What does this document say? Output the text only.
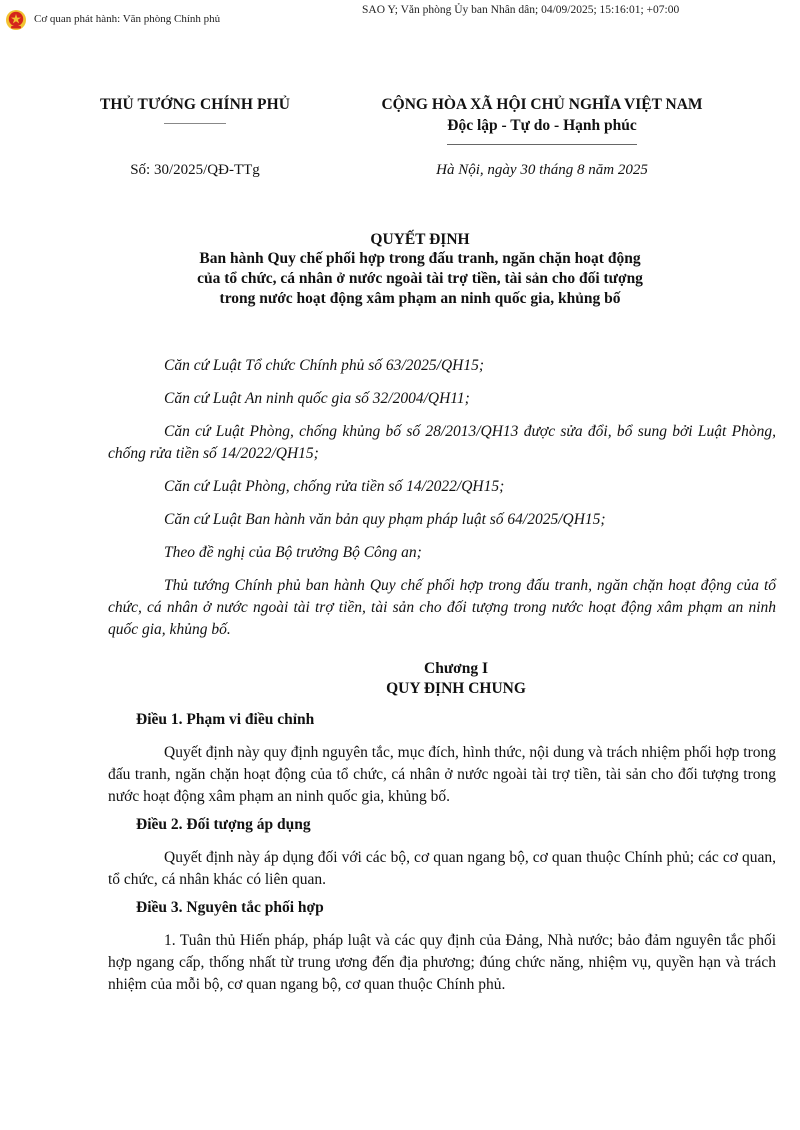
Cơ quan phát hành: Văn phòng Chính phủ
SAO Y; Văn phòng Ủy ban Nhân dân; 04/09/2025; 15:16:01; +07:00
THỦ TƯỚNG CHÍNH PHỦ	CỘNG HÒA XÃ HỘI CHỦ NGHĨA VIỆT NAM
Độc lập - Tự do - Hạnh phúc
Số: 30/2025/QĐ-TTg	Hà Nội, ngày 30 tháng 8 năm 2025
QUYẾT ĐỊNH
Ban hành Quy chế phối hợp trong đấu tranh, ngăn chặn hoạt động
của tổ chức, cá nhân ở nước ngoài tài trợ tiền, tài sản cho đối tượng
trong nước hoạt động xâm phạm an ninh quốc gia, khủng bố

Căn cứ Luật Tổ chức Chính phủ số 63/2025/QH15;

Căn cứ Luật An ninh quốc gia số 32/2004/QH11;

Căn cứ Luật Phòng, chống khủng bố số 28/2013/QH13 được sửa đổi, bổ sung bởi Luật Phòng, chống rửa tiền số 14/2022/QH15;

Căn cứ Luật Phòng, chống rửa tiền số 14/2022/QH15;

Căn cứ Luật Ban hành văn bản quy phạm pháp luật số 64/2025/QH15;

Theo đề nghị của Bộ trưởng Bộ Công an;

Thủ tướng Chính phủ ban hành Quy chế phối hợp trong đấu tranh, ngăn chặn hoạt động của tổ chức, cá nhân ở nước ngoài tài trợ tiền, tài sản cho đối tượng trong nước hoạt động xâm phạm an ninh quốc gia, khủng bố.

Chương I
QUY ĐỊNH CHUNG
Điều 1. Phạm vi điều chỉnh

Quyết định này quy định nguyên tắc, mục đích, hình thức, nội dung và trách nhiệm phối hợp trong đấu tranh, ngăn chặn hoạt động của tổ chức, cá nhân ở nước ngoài tài trợ tiền, tài sản cho đối tượng trong nước hoạt động xâm phạm an ninh quốc gia, khủng bố.

Điều 2. Đối tượng áp dụng

Quyết định này áp dụng đối với các bộ, cơ quan ngang bộ, cơ quan thuộc Chính phủ; các cơ quan, tổ chức, cá nhân khác có liên quan.

Điều 3. Nguyên tắc phối hợp

1. Tuân thủ Hiến pháp, pháp luật và các quy định của Đảng, Nhà nước; bảo đảm nguyên tắc phối hợp ngang cấp, thống nhất từ trung ương đến địa phương; đúng chức năng, nhiệm vụ, quyền hạn và trách nhiệm của mỗi bộ, cơ quan ngang bộ, cơ quan thuộc Chính phủ.
